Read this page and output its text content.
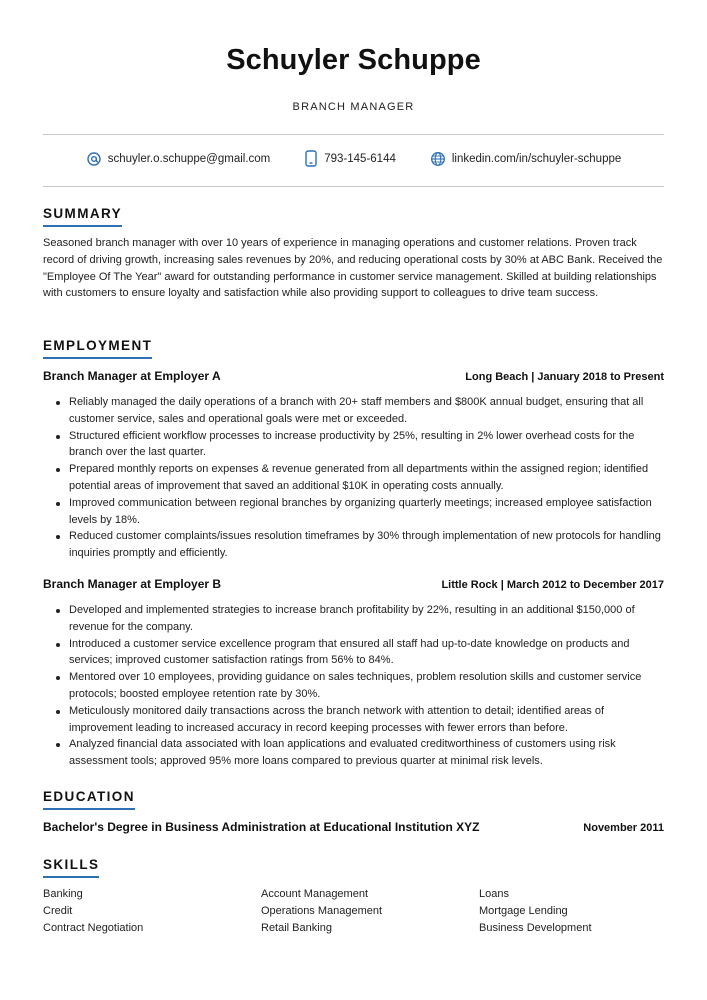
Schuyler Schuppe
BRANCH MANAGER
schuyler.o.schuppe@gmail.com	793-145-6144	linkedin.com/in/schuyler-schuppe
SUMMARY
Seasoned branch manager with over 10 years of experience in managing operations and customer relations. Proven track record of driving growth, increasing sales revenues by 20%, and reducing operational costs by 30% at ABC Bank. Received the "Employee Of The Year" award for outstanding performance in customer service management. Skilled at building relationships with customers to ensure loyalty and satisfaction while also providing support to colleagues to drive team success.
EMPLOYMENT
Branch Manager at Employer A	Long Beach | January 2018 to Present
Reliably managed the daily operations of a branch with 20+ staff members and $800K annual budget, ensuring that all customer service, sales and operational goals were met or exceeded.
Structured efficient workflow processes to increase productivity by 25%, resulting in 2% lower overhead costs for the branch over the last quarter.
Prepared monthly reports on expenses & revenue generated from all departments within the assigned region; identified potential areas of improvement that saved an additional $10K in operating costs annually.
Improved communication between regional branches by organizing quarterly meetings; increased employee satisfaction levels by 18%.
Reduced customer complaints/issues resolution timeframes by 30% through implementation of new protocols for handling inquiries promptly and efficiently.
Branch Manager at Employer B	Little Rock | March 2012 to December 2017
Developed and implemented strategies to increase branch profitability by 22%, resulting in an additional $150,000 of revenue for the company.
Introduced a customer service excellence program that ensured all staff had up-to-date knowledge on products and services; improved customer satisfaction ratings from 56% to 84%.
Mentored over 10 employees, providing guidance on sales techniques, problem resolution skills and customer service protocols; boosted employee retention rate by 30%.
Meticulously monitored daily transactions across the branch network with attention to detail; identified areas of improvement leading to increased accuracy in record keeping processes with fewer errors than before.
Analyzed financial data associated with loan applications and evaluated creditworthiness of customers using risk assessment tools; approved 95% more loans compared to previous quarter at minimal risk levels.
EDUCATION
Bachelor's Degree in Business Administration at Educational Institution XYZ	November 2011
SKILLS
Banking	Account Management	Loans
Credit	Operations Management	Mortgage Lending
Contract Negotiation	Retail Banking	Business Development
